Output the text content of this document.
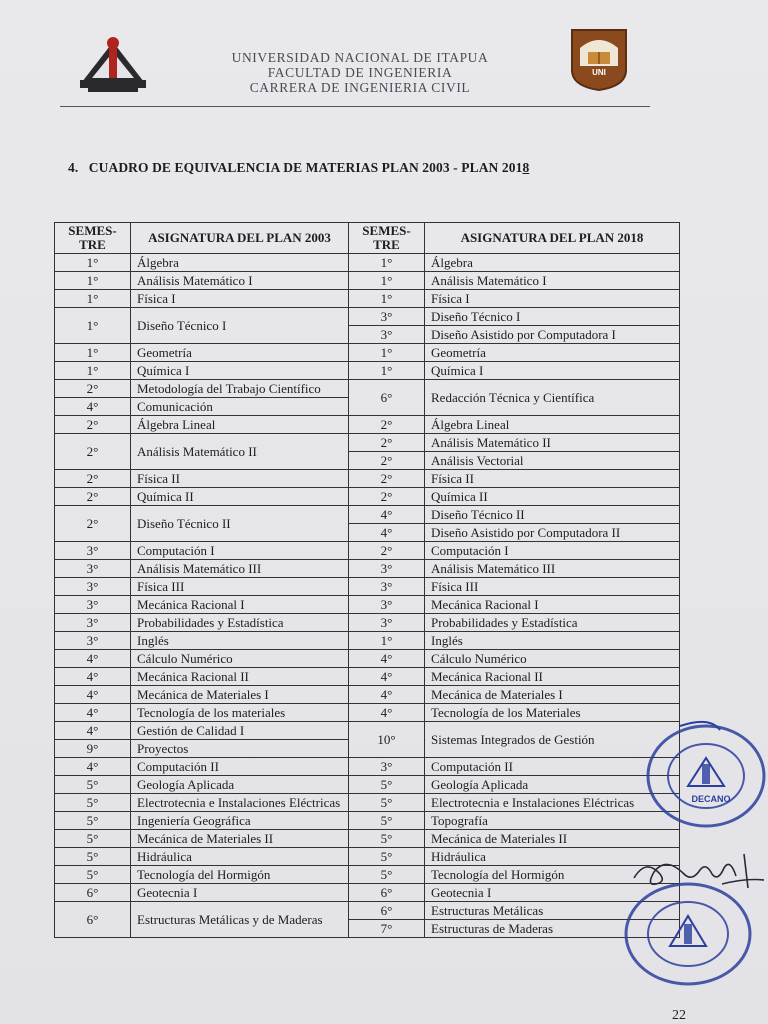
UNIVERSIDAD NACIONAL DE ITAPUA
FACULTAD DE INGENIERIA
CARRERA DE INGENIERIA CIVIL
UNI
4. CUADRO DE EQUIVALENCIA DE MATERIAS PLAN 2003 - PLAN 2018
SEMES-TRE	ASIGNATURA DEL PLAN 2003	SEMES-TRE	ASIGNATURA DEL PLAN 2018
1°	Álgebra	1°	Álgebra
1°	Análisis Matemático I	1°	Análisis Matemático I
1°	Física I	1°	Física I
1°	Diseño Técnico I	3°	Diseño Técnico I
		3°	Diseño Asistido por Computadora I
1°	Geometría	1°	Geometría
1°	Química I	1°	Química I
2°	Metodología del Trabajo Científico	6°	Redacción Técnica y Científica
4°	Comunicación		
2°	Álgebra Lineal	2°	Álgebra Lineal
2°	Análisis Matemático II	2°	Análisis Matemático II
		2°	Análisis Vectorial
2°	Física II	2°	Física II
2°	Química II	2°	Química II
2°	Diseño Técnico II	4°	Diseño Técnico II
		4°	Diseño Asistido por Computadora II
3°	Computación I	2°	Computación I
3°	Análisis Matemático III	3°	Análisis Matemático III
3°	Física III	3°	Física III
3°	Mecánica Racional I	3°	Mecánica Racional I
3°	Probabilidades y Estadística	3°	Probabilidades y Estadística
3°	Inglés	1°	Inglés
4°	Cálculo Numérico	4°	Cálculo Numérico
4°	Mecánica Racional II	4°	Mecánica Racional II
4°	Mecánica de Materiales I	4°	Mecánica de Materiales I
4°	Tecnología de los materiales	4°	Tecnología de los Materiales
4°	Gestión de Calidad I	10°	Sistemas Integrados de Gestión
9°	Proyectos		
4°	Computación II	3°	Computación II
5°	Geología Aplicada	5°	Geología Aplicada
5°	Electrotecnia e Instalaciones Eléctricas	5°	Electrotecnia e Instalaciones Eléctricas
5°	Ingeniería Geográfica	5°	Topografía
5°	Mecánica de Materiales II	5°	Mecánica de Materiales II
5°	Hidráulica	5°	Hidráulica
5°	Tecnología del Hormigón	5°	Tecnología del Hormigón
6°	Geotecnia I	6°	Geotecnia I
6°	Estructuras Metálicas y de Maderas	6°	Estructuras Metálicas
		7°	Estructuras de Maderas
DECANO
22
